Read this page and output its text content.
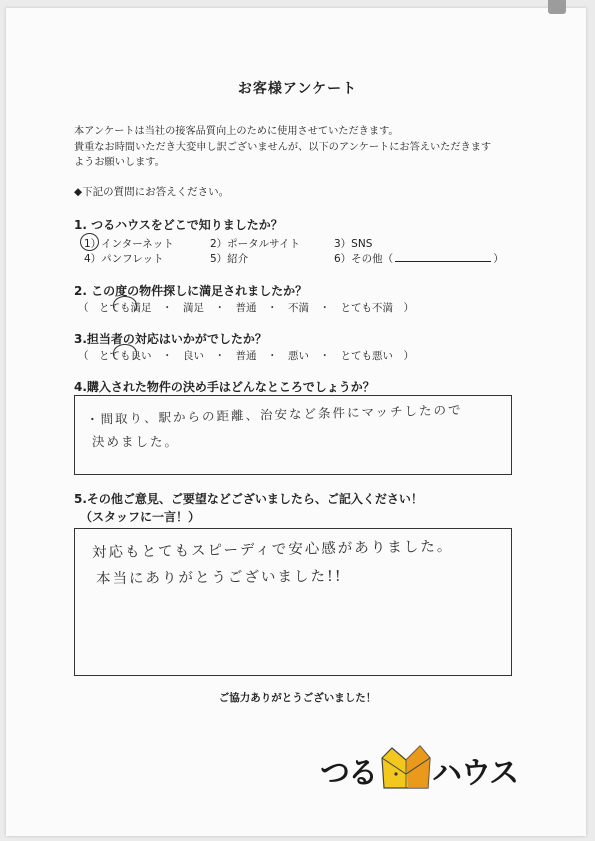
お客様アンケート
本アンケートは当社の接客品質向上のために使用させていただきます。
貴重なお時間いただき大変申し訳ございませんが、以下のアンケートにお答えいただきます
ようお願いします。
◆下記の質問にお答えください。
1. つるハウスをどこで知りましたか？
1）インターネット	2）ポータルサイト	3）SNS
4）パンフレット	5）紹介	6）その他（	）
2. この度の物件探しに満足されましたか？
（　とても満足　・　満足　・　普通　・　不満　・　とても不満　）
3.担当者の対応はいかがでしたか？
（　とても良い　・　良い　・　普通　・　悪い　・　とても悪い　）
4.購入された物件の決め手はどんなところでしょうか？
・間取り、駅からの距離、治安など条件にマッチしたので
決めました。
5.その他ご意見、ご要望などございましたら、ご記入ください！
（スタッフに一言！）
対応もとてもスピーディで安心感がありました。
本当にありがとうございました!!
ご協力ありがとうございました！
つる ハウス
